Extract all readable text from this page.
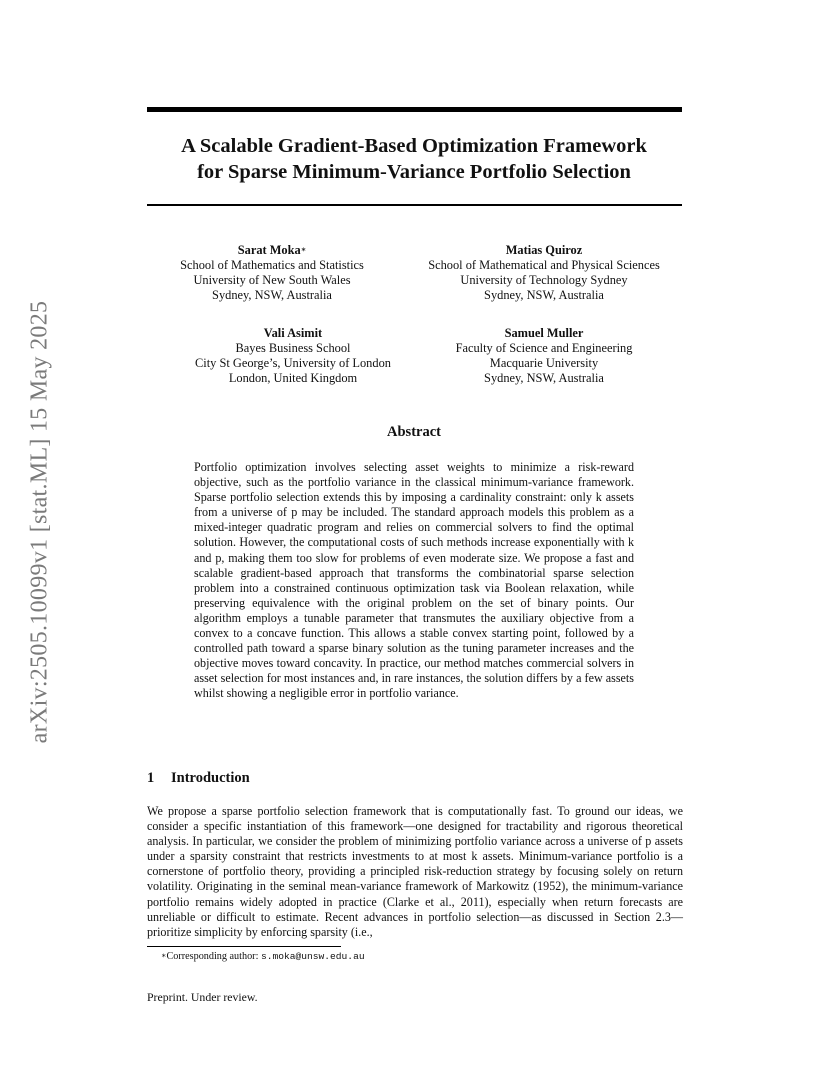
arXiv:2505.10099v1 [stat.ML] 15 May 2025
A Scalable Gradient-Based Optimization Framework
for Sparse Minimum-Variance Portfolio Selection
Sarat Moka∗
School of Mathematics and Statistics
University of New South Wales
Sydney, NSW, Australia
Matias Quiroz
School of Mathematical and Physical Sciences
University of Technology Sydney
Sydney, NSW, Australia
Vali Asimit
Bayes Business School
City St George’s, University of London
London, United Kingdom
Samuel Muller
Faculty of Science and Engineering
Macquarie University
Sydney, NSW, Australia
Abstract
Portfolio optimization involves selecting asset weights to minimize a risk-reward objective, such as the portfolio variance in the classical minimum-variance framework. Sparse portfolio selection extends this by imposing a cardinality constraint: only k assets from a universe of p may be included. The standard approach models this problem as a mixed-integer quadratic program and relies on commercial solvers to find the optimal solution. However, the computational costs of such methods increase exponentially with k and p, making them too slow for problems of even moderate size. We propose a fast and scalable gradient-based approach that transforms the combinatorial sparse selection problem into a constrained continuous optimization task via Boolean relaxation, while preserving equivalence with the original problem on the set of binary points. Our algorithm employs a tunable parameter that transmutes the auxiliary objective from a convex to a concave function. This allows a stable convex starting point, followed by a controlled path toward a sparse binary solution as the tuning parameter increases and the objective moves toward concavity. In practice, our method matches commercial solvers in asset selection for most instances and, in rare instances, the solution differs by a few assets whilst showing a negligible error in portfolio variance.
1 Introduction
We propose a sparse portfolio selection framework that is computationally fast. To ground our ideas, we consider a specific instantiation of this framework—one designed for tractability and rigorous theoretical analysis. In particular, we consider the problem of minimizing portfolio variance across a universe of p assets under a sparsity constraint that restricts investments to at most k assets. Minimum-variance portfolio is a cornerstone of portfolio theory, providing a principled risk-reduction strategy by focusing solely on return volatility. Originating in the seminal mean-variance framework of Markowitz (1952), the minimum-variance portfolio remains widely adopted in practice (Clarke et al., 2011), especially when return forecasts are unreliable or difficult to estimate. Recent advances in portfolio selection—as discussed in Section 2.3—prioritize simplicity by enforcing sparsity (i.e.,
∗Corresponding author: s.moka@unsw.edu.au
Preprint. Under review.
